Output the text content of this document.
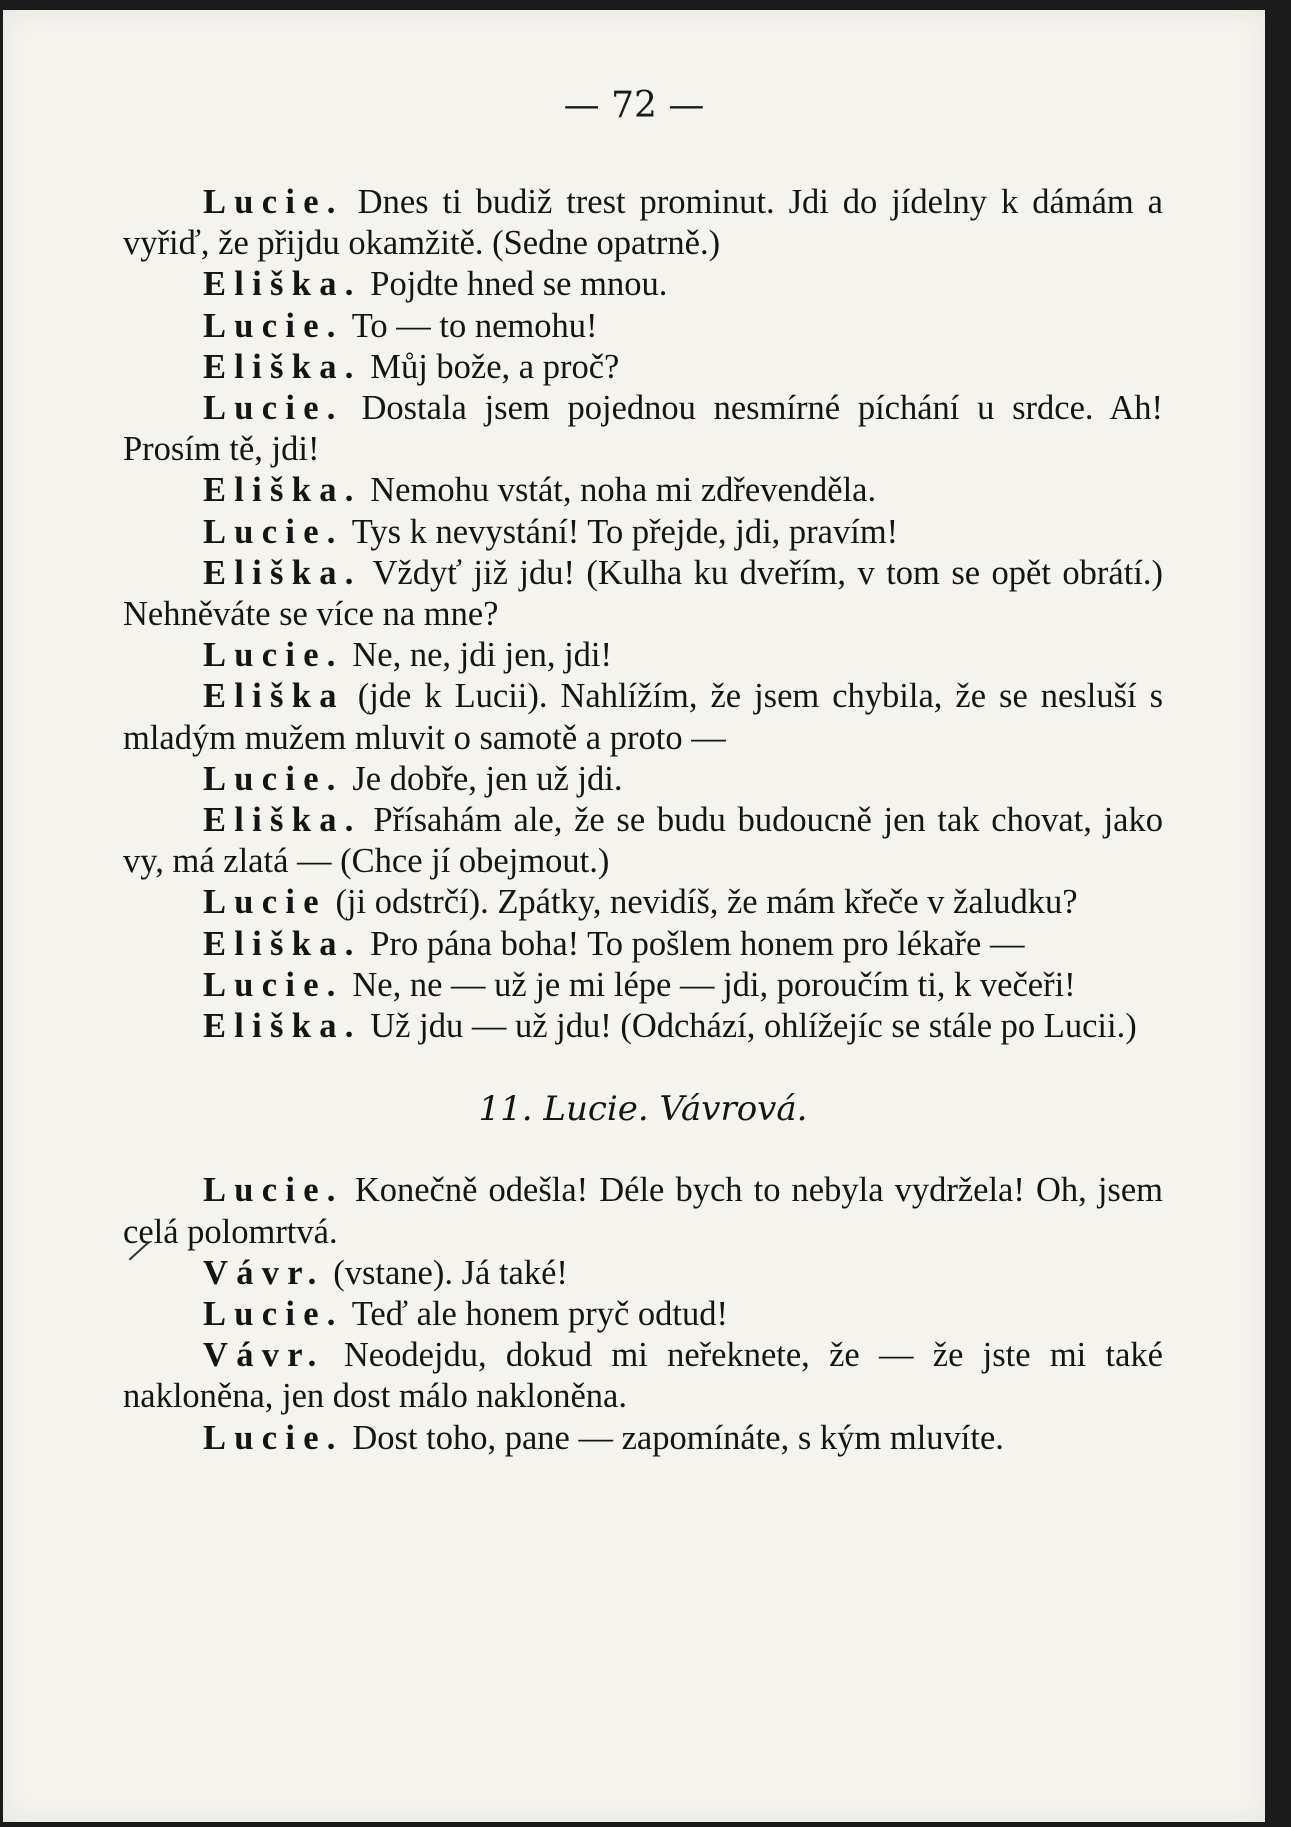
— 72 —

Lucie. Dnes ti budiž trest prominut. Jdi do jídelny k dámám a vyřiď, že přijdu okamžitě. (Sedne opatrně.)

Eliška. Pojdte hned se mnou.

Lucie. To — to nemohu!

Eliška. Můj bože, a proč?

Lucie. Dostala jsem pojednou nesmírné píchání u srdce. Ah! Prosím tě, jdi!

Eliška. Nemohu vstát, noha mi zdřevenděla.

Lucie. Tys k nevystání! To přejde, jdi, pravím!

Eliška. Vždyť již jdu! (Kulha ku dveřím, v tom se opět obrátí.) Nehněváte se více na mne?

Lucie. Ne, ne, jdi jen, jdi!

Eliška (jde k Lucii). Nahlížím, že jsem chybila, že se nesluší s mladým mužem mluvit o samotě a proto —

Lucie. Je dobře, jen už jdi.

Eliška. Přísahám ale, že se budu budoucně jen tak chovat, jako vy, má zlatá — (Chce jí obejmout.)

Lucie (ji odstrčí). Zpátky, nevidíš, že mám křeče v žaludku?

Eliška. Pro pána boha! To pošlem honem pro lékaře —

Lucie. Ne, ne — už je mi lépe — jdi, poroučím ti, k večeři!

Eliška. Už jdu — už jdu! (Odchází, ohlížejíc se stále po Lucii.)

11. Lucie. Vávrová.

Lucie. Konečně odešla! Déle bych to nebyla vydržela! Oh, jsem celá polomrtvá.

Vávr. (vstane). Já také!

Lucie. Teď ale honem pryč odtud!

Vávr. Neodejdu, dokud mi neřeknete, že — že jste mi také nakloněna, jen dost málo nakloněna.

Lucie. Dost toho, pane — zapomínáte, s kým mluvíte.
